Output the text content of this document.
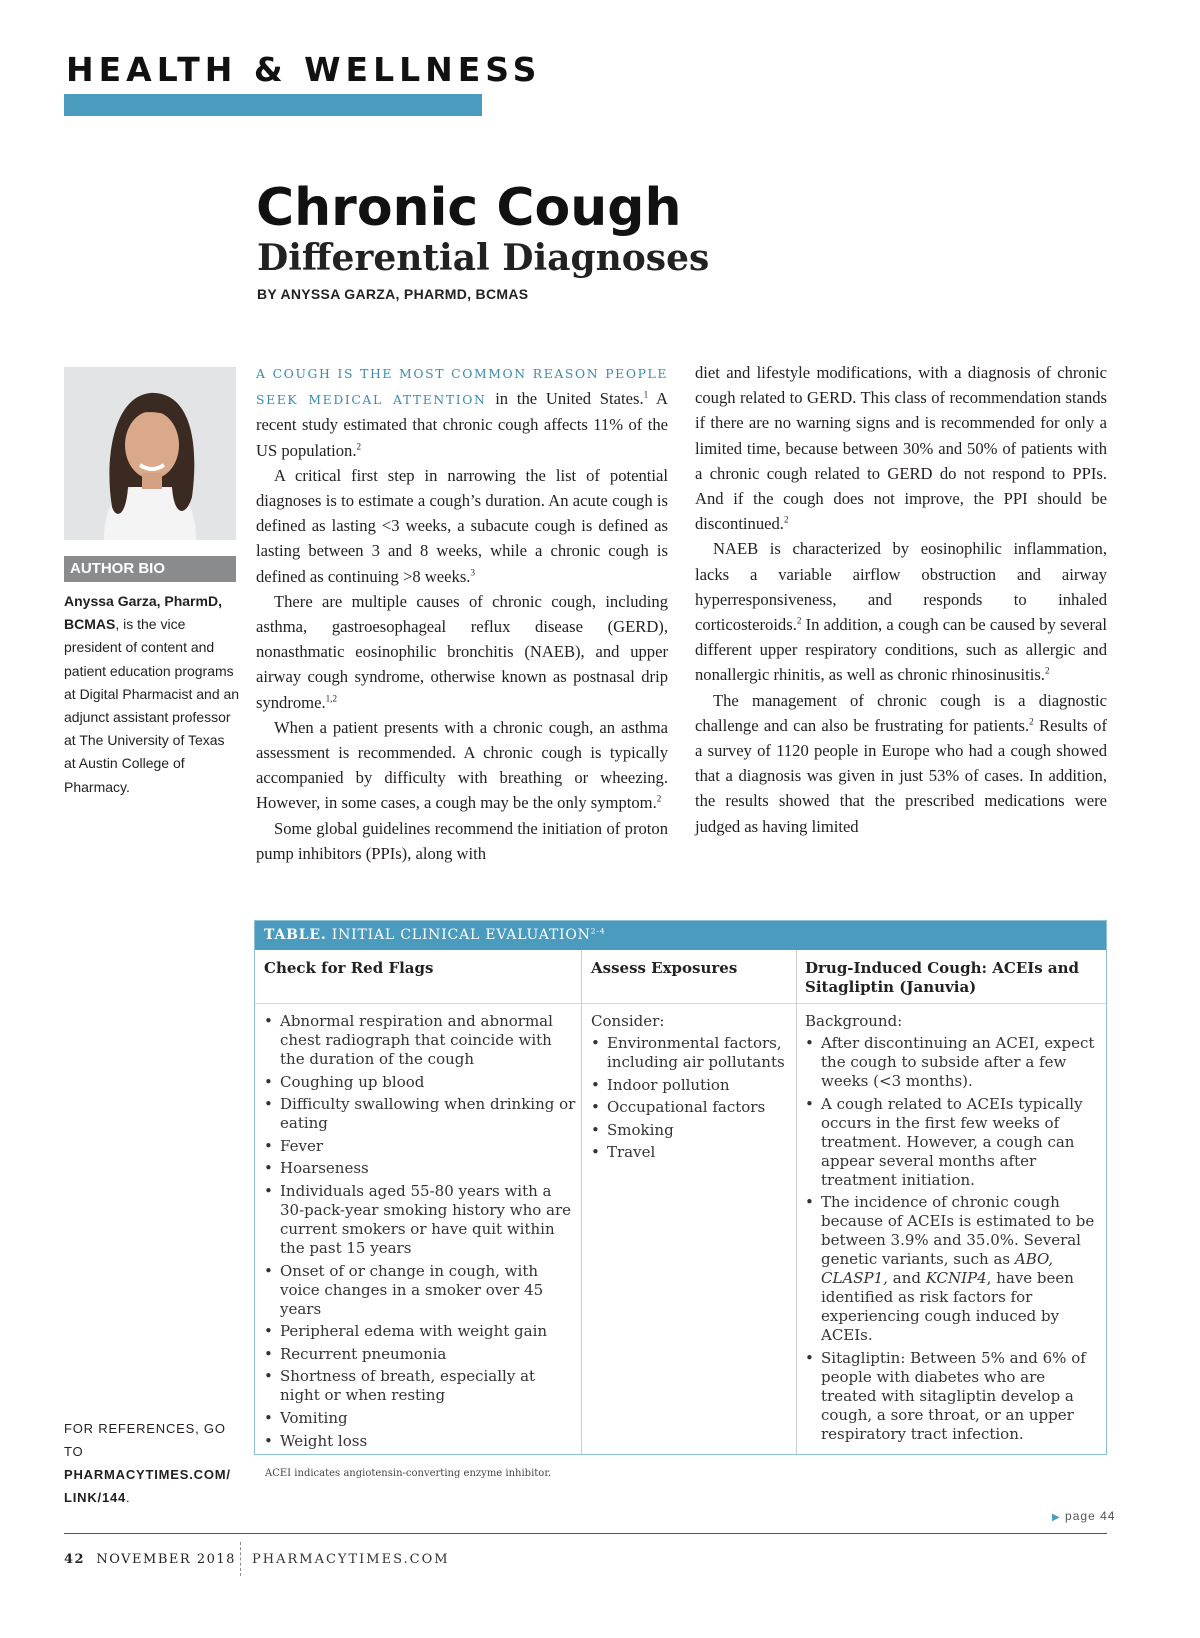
HEALTH & WELLNESS
Chronic Cough
Differential Diagnoses
BY ANYSSA GARZA, PHARMD, BCMAS
AUTHOR BIO
Anyssa Garza, PharmD, BCMAS, is the vice president of content and patient education programs at Digital Pharmacist and an adjunct assistant professor at The University of Texas at Austin College of Pharmacy.
FOR REFERENCES, GO TO
PHARMACYTIMES.COM/ LINK/144.

A COUGH IS THE MOST COMMON REASON PEOPLE SEEK MEDICAL ATTENTION in the United States.$^1$ A recent study estimated that chronic cough affects 11% of the US population.$^2$

A critical first step in narrowing the list of potential diagnoses is to estimate a cough’s duration. An acute cough is defined as lasting <3 weeks, a subacute cough is defined as lasting between 3 and 8 weeks, while a chronic cough is defined as continuing >8 weeks.$^3$

There are multiple causes of chronic cough, including asthma, gastroesophageal reflux disease (GERD), nonasthmatic eosinophilic bronchitis (NAEB), and upper airway cough syndrome, otherwise known as postnasal drip syndrome.$^{1,2}$

When a patient presents with a chronic cough, an asthma assessment is recommended. A chronic cough is typically accompanied by difficulty with breathing or wheezing. However, in some cases, a cough may be the only symptom.$^2$

Some global guidelines recommend the initiation of proton pump inhibitors (PPIs), along with

diet and lifestyle modifications, with a diagnosis of chronic cough related to GERD. This class of recommendation stands if there are no warning signs and is recommended for only a limited time, because between 30% and 50% of patients with a chronic cough related to GERD do not respond to PPIs. And if the cough does not improve, the PPI should be discontinued.$^2$

NAEB is characterized by eosinophilic inflammation, lacks a variable airflow obstruction and airway hyperresponsiveness, and responds to inhaled corticosteroids.$^2$ In addition, a cough can be caused by several different upper respiratory conditions, such as allergic and nonallergic rhinitis, as well as chronic rhinosinusitis.$^2$

The management of chronic cough is a diagnostic challenge and can also be frustrating for patients.$^2$ Results of a survey of 1120 people in Europe who had a cough showed that a diagnosis was given in just 53% of cases. In addition, the results showed that the prescribed medications were judged as having limited

TABLE. INITIAL CLINICAL EVALUATION$^{2-4}$
Check for Red Flags	Assess Exposures	Drug-Induced Cough: ACEIs and Sitagliptin (Januvia)
• Abnormal respiration and abnormal chest radiograph that coincide with the duration of the cough
• Coughing up blood
• Difficulty swallowing when drinking or eating
• Fever
• Hoarseness
• Individuals aged 55-80 years with a 30-pack-year smoking history who are current smokers or have quit within the past 15 years
• Onset of or change in cough, with voice changes in a smoker over 45 years
• Peripheral edema with weight gain
• Recurrent pneumonia
• Shortness of breath, especially at night or when resting
• Vomiting
• Weight loss
Consider:
• Environmental factors, including air pollutants
• Indoor pollution
• Occupational factors
• Smoking
• Travel
Background:
• After discontinuing an ACEI, expect the cough to subside after a few weeks (<3 months).
• A cough related to ACEIs typically occurs in the first few weeks of treatment. However, a cough can appear several months after treatment initiation.
• The incidence of chronic cough because of ACEIs is estimated to be between 3.9% and 35.0%. Several genetic variants, such as ABO, CLASP1, and KCNIP4, have been identified as risk factors for experiencing cough induced by ACEIs.
• Sitagliptin: Between 5% and 6% of people with diabetes who are treated with sitagliptin develop a cough, a sore throat, or an upper respiratory tract infection.
ACEI indicates angiotensin-converting enzyme inhibitor.
▶ page 44
42 NOVEMBER 2018 PHARMACYTIMES.COM
